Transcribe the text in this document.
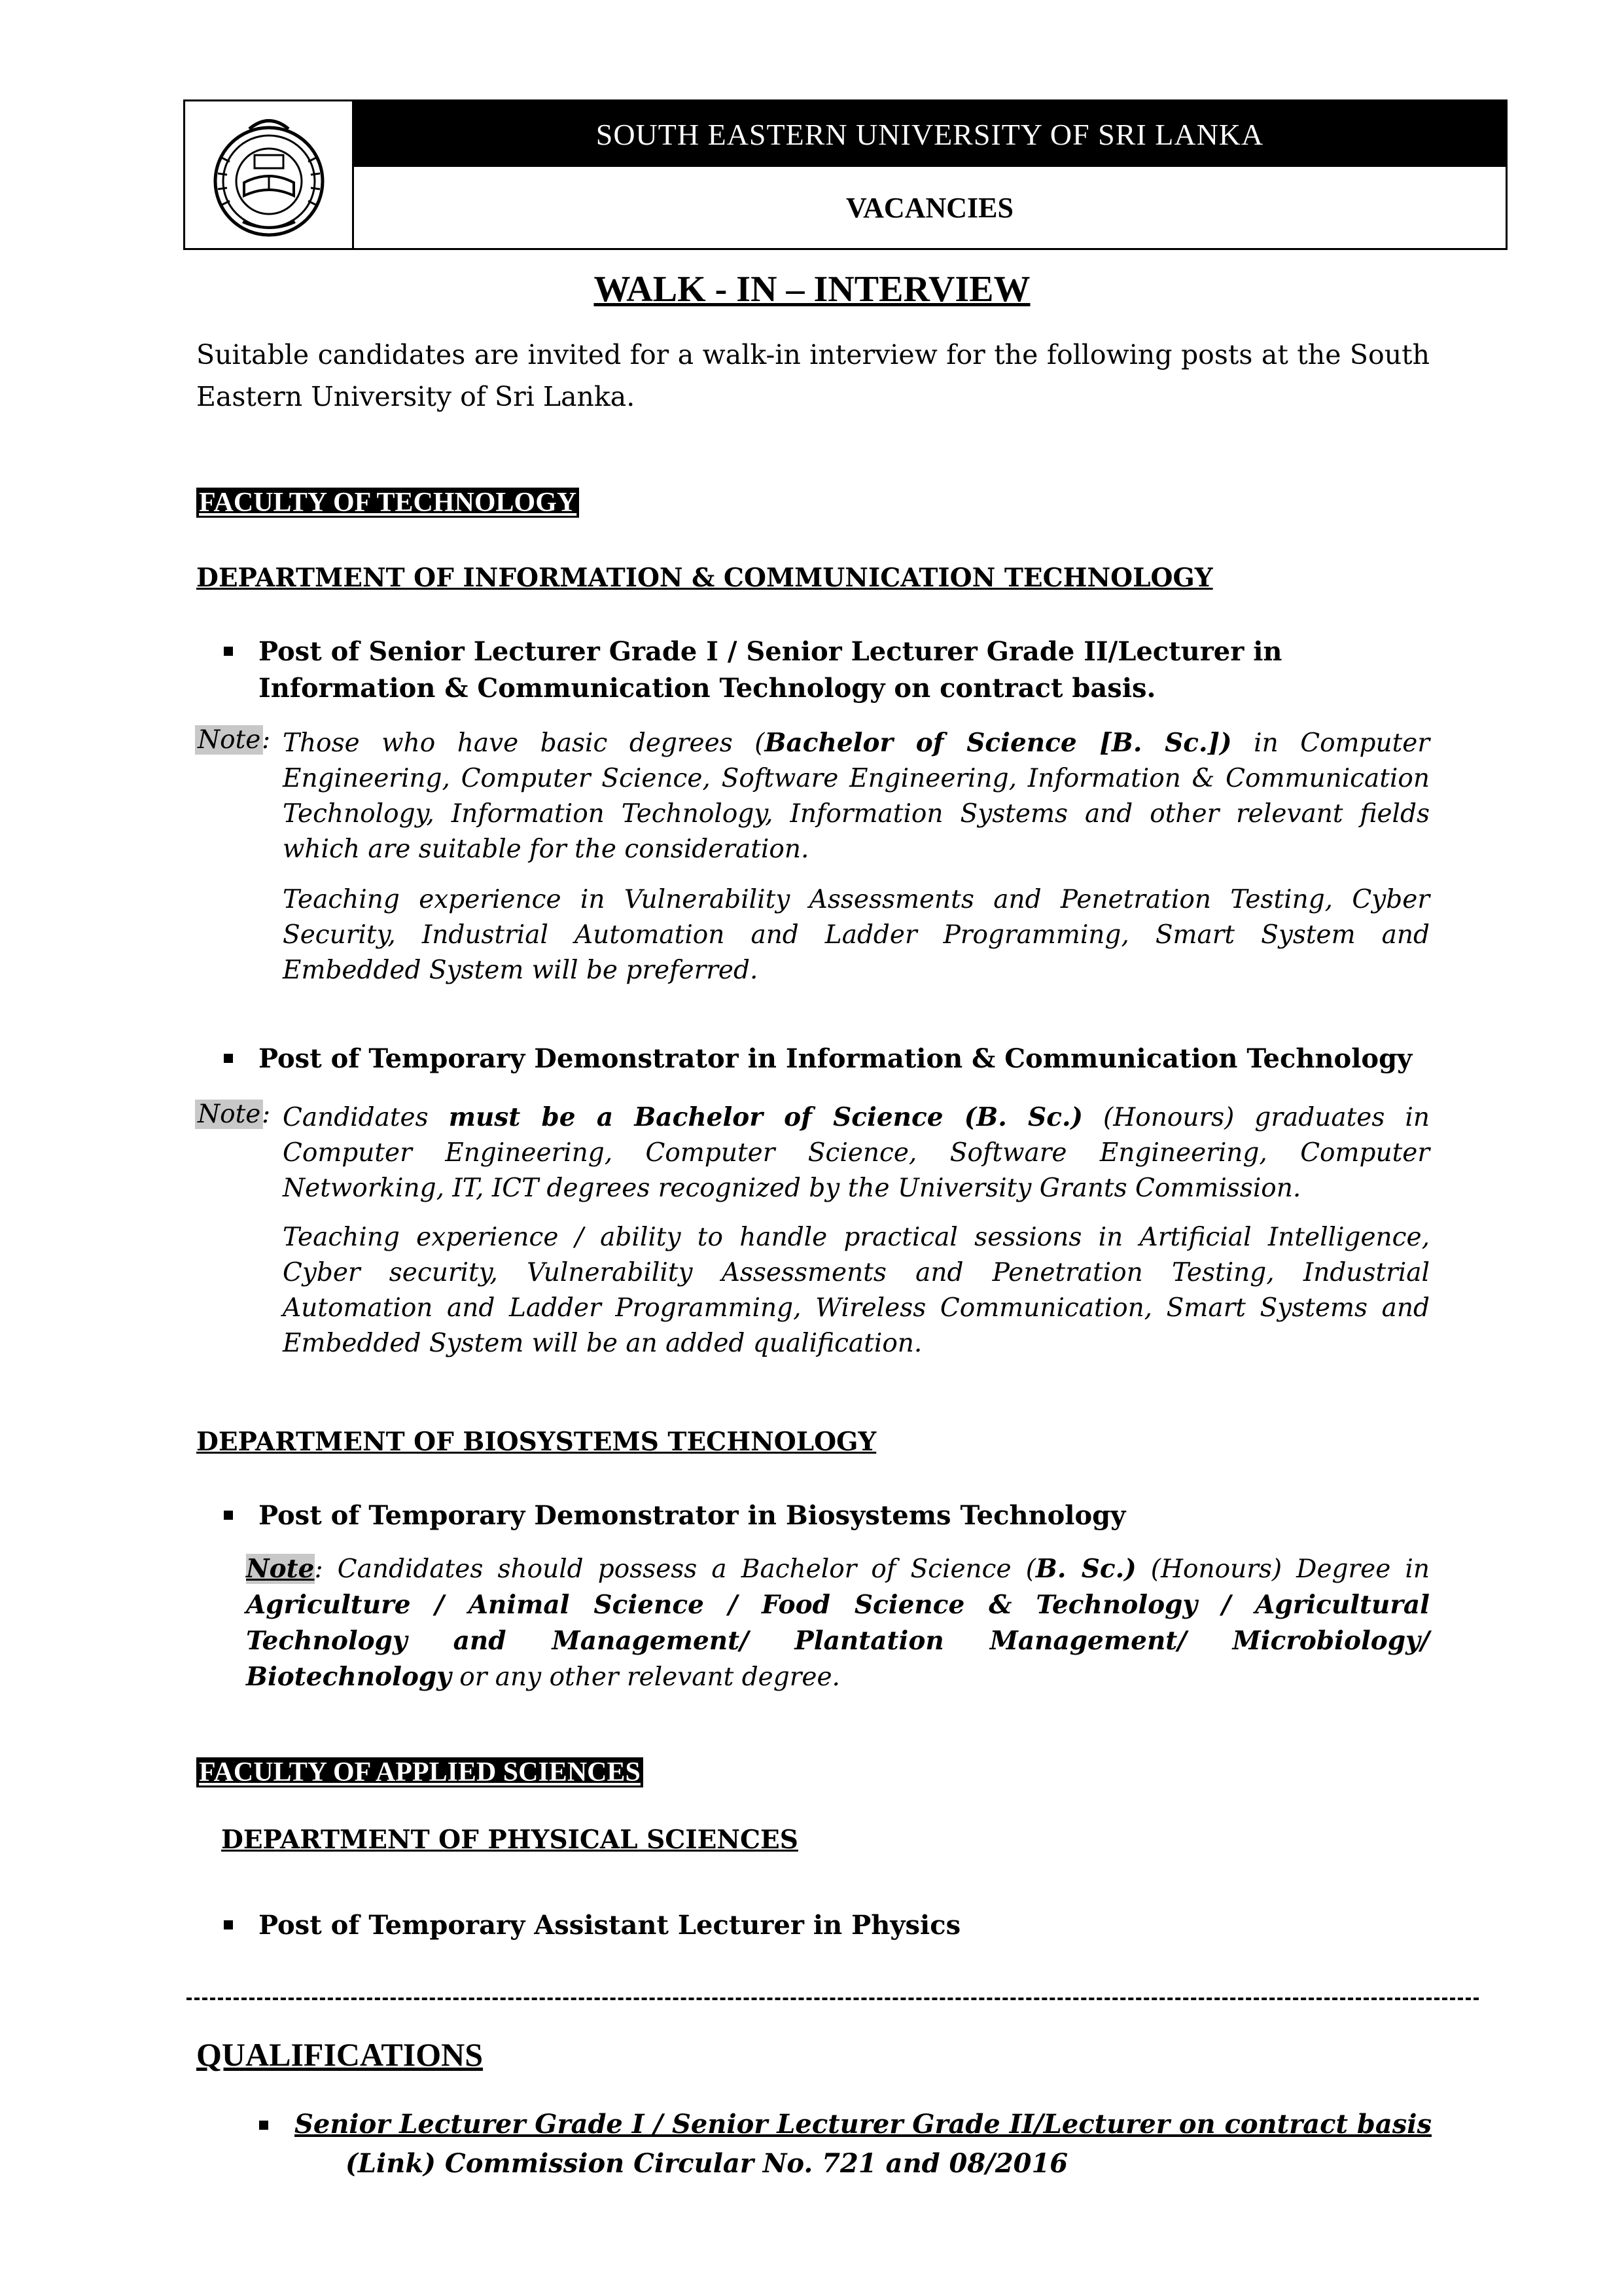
SOUTH EASTERN UNIVERSITY OF SRI LANKA
VACANCIES
WALK - IN – INTERVIEW
Suitable candidates are invited for a walk-in interview for the following posts at the South Eastern University of Sri Lanka.
FACULTY OF TECHNOLOGY
DEPARTMENT OF INFORMATION & COMMUNICATION TECHNOLOGY
Post of Senior Lecturer Grade I / Senior Lecturer Grade II/Lecturer in Information & Communication Technology on contract basis.
Note : Those who have basic degrees (Bachelor of Science [B. Sc.]) in Computer Engineering, Computer Science, Software Engineering, Information & Communication Technology, Information Technology, Information Systems and other relevant fields which are suitable for the consideration.
Teaching experience in Vulnerability Assessments and Penetration Testing, Cyber Security, Industrial Automation and Ladder Programming, Smart System and Embedded System will be preferred.
Post of Temporary Demonstrator in Information & Communication Technology
Note : Candidates must be a Bachelor of Science (B. Sc.) (Honours) graduates in Computer Engineering, Computer Science, Software Engineering, Computer Networking, IT, ICT degrees recognized by the University Grants Commission.
Teaching experience / ability to handle practical sessions in Artificial Intelligence, Cyber security, Vulnerability Assessments and Penetration Testing, Industrial Automation and Ladder Programming, Wireless Communication, Smart Systems and Embedded System will be an added qualification.
DEPARTMENT OF BIOSYSTEMS TECHNOLOGY
Post of Temporary Demonstrator in Biosystems Technology
Note: Candidates should possess a Bachelor of Science (B. Sc.) (Honours) Degree in Agriculture / Animal Science / Food Science & Technology / Agricultural Technology and Management/ Plantation Management/ Microbiology/ Biotechnology or any other relevant degree.
FACULTY OF APPLIED SCIENCES
DEPARTMENT OF PHYSICAL SCIENCES
Post of Temporary Assistant Lecturer in Physics
QUALIFICATIONS
Senior Lecturer Grade I / Senior Lecturer Grade II/Lecturer on contract basis
(Link) Commission Circular No. 721 and 08/2016
